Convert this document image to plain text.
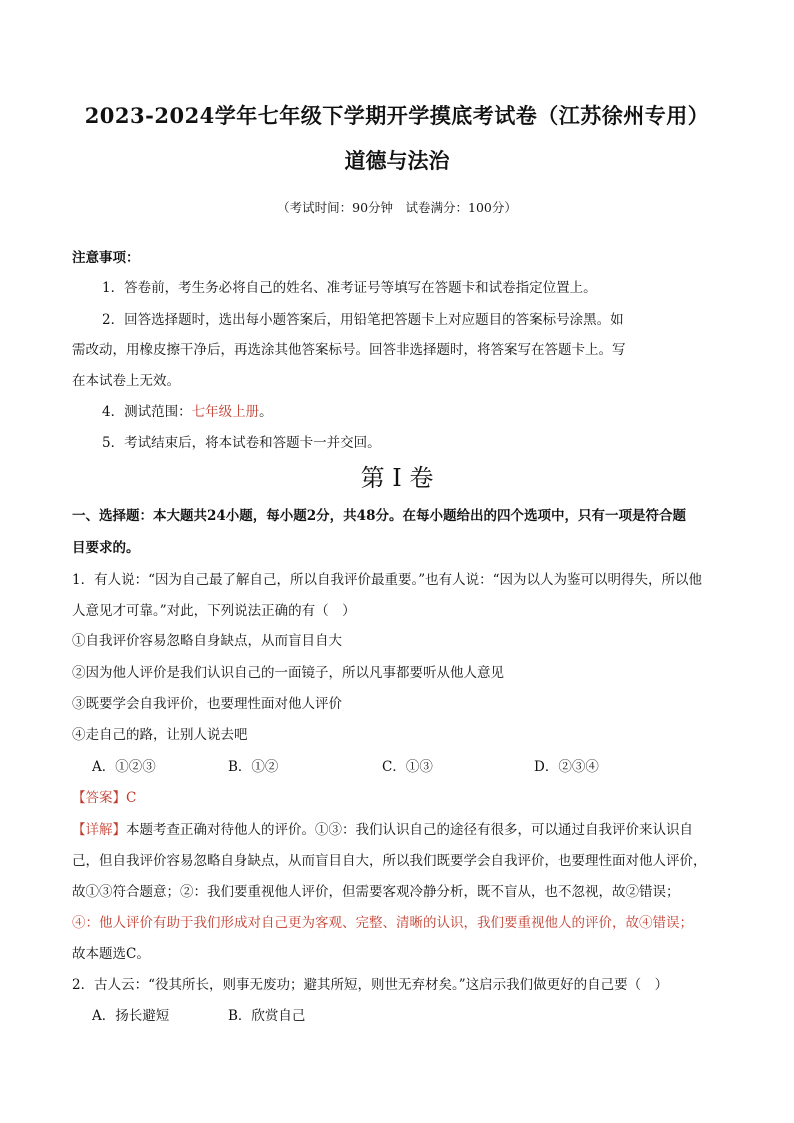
2023-2024学年七年级下学期开学摸底考试卷（江苏徐州专用）
道德与法治
（考试时间：90分钟　试卷满分：100分）
注意事项：
1．答卷前，考生务必将自己的姓名、准考证号等填写在答题卡和试卷指定位置上。
2．回答选择题时，选出每小题答案后，用铅笔把答题卡上对应题目的答案标号涂黑。如
需改动，用橡皮擦干净后，再选涂其他答案标号。回答非选择题时，将答案写在答题卡上。写
在本试卷上无效。
4．测试范围：七年级上册。
5．考试结束后，将本试卷和答题卡一并交回。
第 I 卷
一、选择题：本大题共24小题，每小题2分，共48分。在每小题给出的四个选项中，只有一项是符合题
目要求的。
1．有人说：“因为自己最了解自己，所以自我评价最重要。”也有人说：“因为以人为鉴可以明得失，所以他
人意见才可靠。”对此，下列说法正确的有（　）
①自我评价容易忽略自身缺点，从而盲目自大
②因为他人评价是我们认识自己的一面镜子，所以凡事都要听从他人意见
③既要学会自我评价，也要理性面对他人评价
④走自己的路，让别人说去吧
A．①②③	B．①②	C．①③	D．②③④
【答案】C
【详解】本题考查正确对待他人的评价。①③：我们认识自己的途径有很多，可以通过自我评价来认识自
己，但自我评价容易忽略自身缺点，从而盲目自大，所以我们既要学会自我评价，也要理性面对他人评价，
故①③符合题意；②：我们要重视他人评价，但需要客观冷静分析，既不盲从，也不忽视，故②错误；
④：他人评价有助于我们形成对自己更为客观、完整、清晰的认识，我们要重视他人的评价，故④错误；
故本题选C。
2．古人云：“役其所长，则事无废功；避其所短，则世无弃材矣。”这启示我们做更好的自己要（　）
A．扬长避短	B．欣赏自己
